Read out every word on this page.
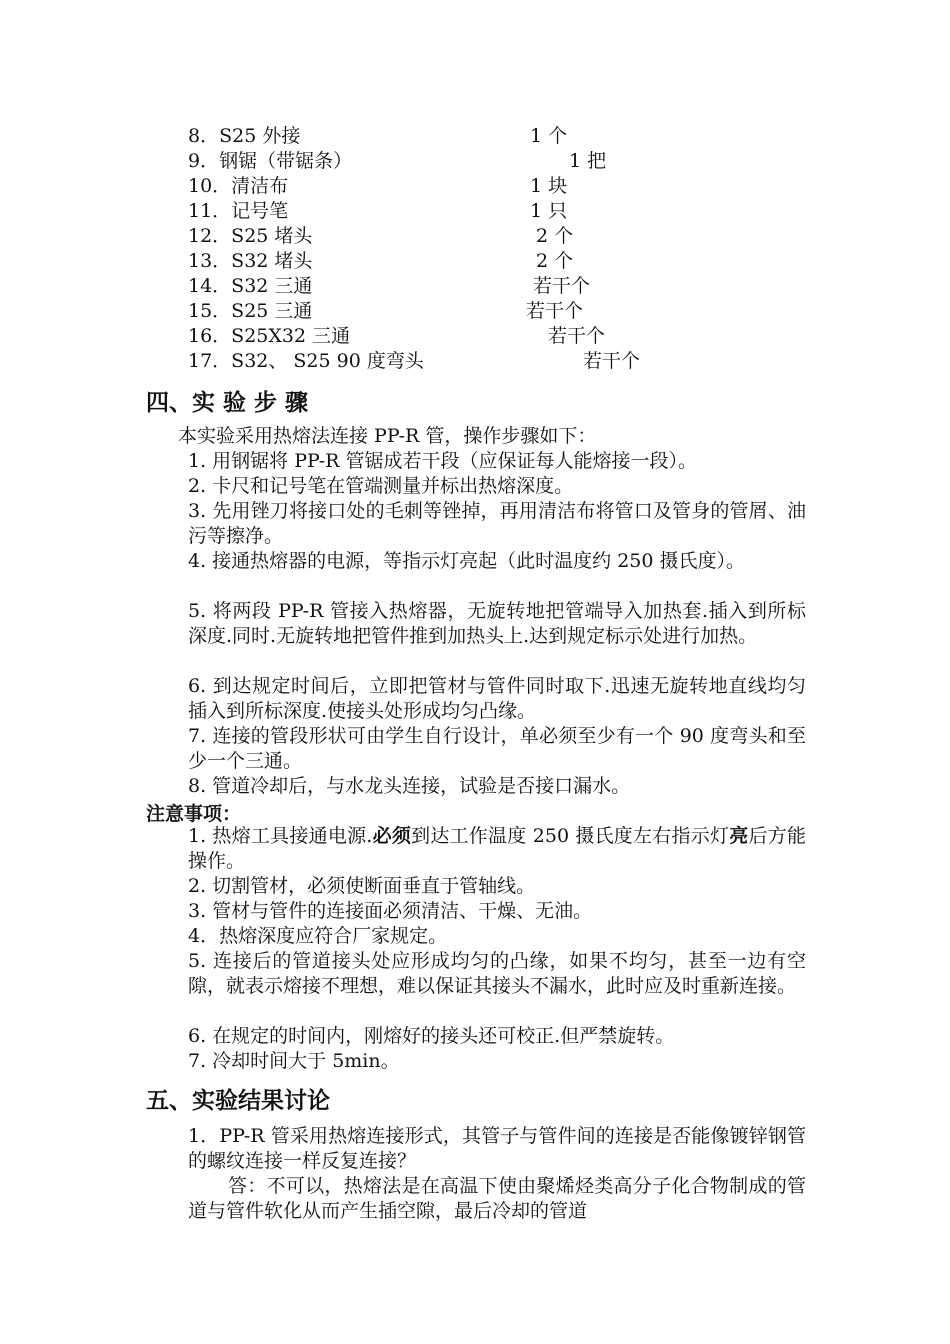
8．S25 外接	1 个
9．钢锯（带锯条）	1 把
10．清洁布	1 块
11．记号笔	1 只
12．S25 堵头	2 个
13．S32 堵头	2 个
14．S32 三通	若干个
15．S25 三通	若干个
16．S25X32 三通	若干个
17．S32、 S25 90 度弯头	若干个
四、实 验 步 骤
本实验采用热熔法连接 PP-R 管，操作步骤如下：
1. 用钢锯将 PP-R 管锯成若干段（应保证每人能熔接一段）。
2. 卡尺和记号笔在管端测量并标出热熔深度。
3. 先用锉刀将接口处的毛刺等锉掉，再用清洁布将管口及管身的管屑、油污等擦净。
4. 接通热熔器的电源，等指示灯亮起（此时温度约 250 摄氏度）。
5. 将两段 PP-R 管接入热熔器，无旋转地把管端导入加热套.插入到所标深度.同时.无旋转地把管件推到加热头上.达到规定标示处进行加热。
6. 到达规定时间后，立即把管材与管件同时取下.迅速无旋转地直线均匀插入到所标深度.使接头处形成均匀凸缘。
7. 连接的管段形状可由学生自行设计，单必须至少有一个 90 度弯头和至少一个三通。
8. 管道冷却后，与水龙头连接，试验是否接口漏水。
注意事项：
1. 热熔工具接通电源.必须到达工作温度 250 摄氏度左右指示灯亮后方能操作。
2. 切割管材，必须使断面垂直于管轴线。
3. 管材与管件的连接面必须清洁、干燥、无油。
4．热熔深度应符合厂家规定。
5. 连接后的管道接头处应形成均匀的凸缘，如果不均匀，甚至一边有空隙，就表示熔接不理想，难以保证其接头不漏水，此时应及时重新连接。
6. 在规定的时间内，刚熔好的接头还可校正.但严禁旋转。
7. 冷却时间大于 5min。
五、实验结果讨论
1．PP-R 管采用热熔连接形式，其管子与管件间的连接是否能像镀锌钢管的螺纹连接一样反复连接？
答：不可以，热熔法是在高温下使由聚烯烃类高分子化合物制成的管道与管件软化从而产生插空隙，最后冷却的管道
